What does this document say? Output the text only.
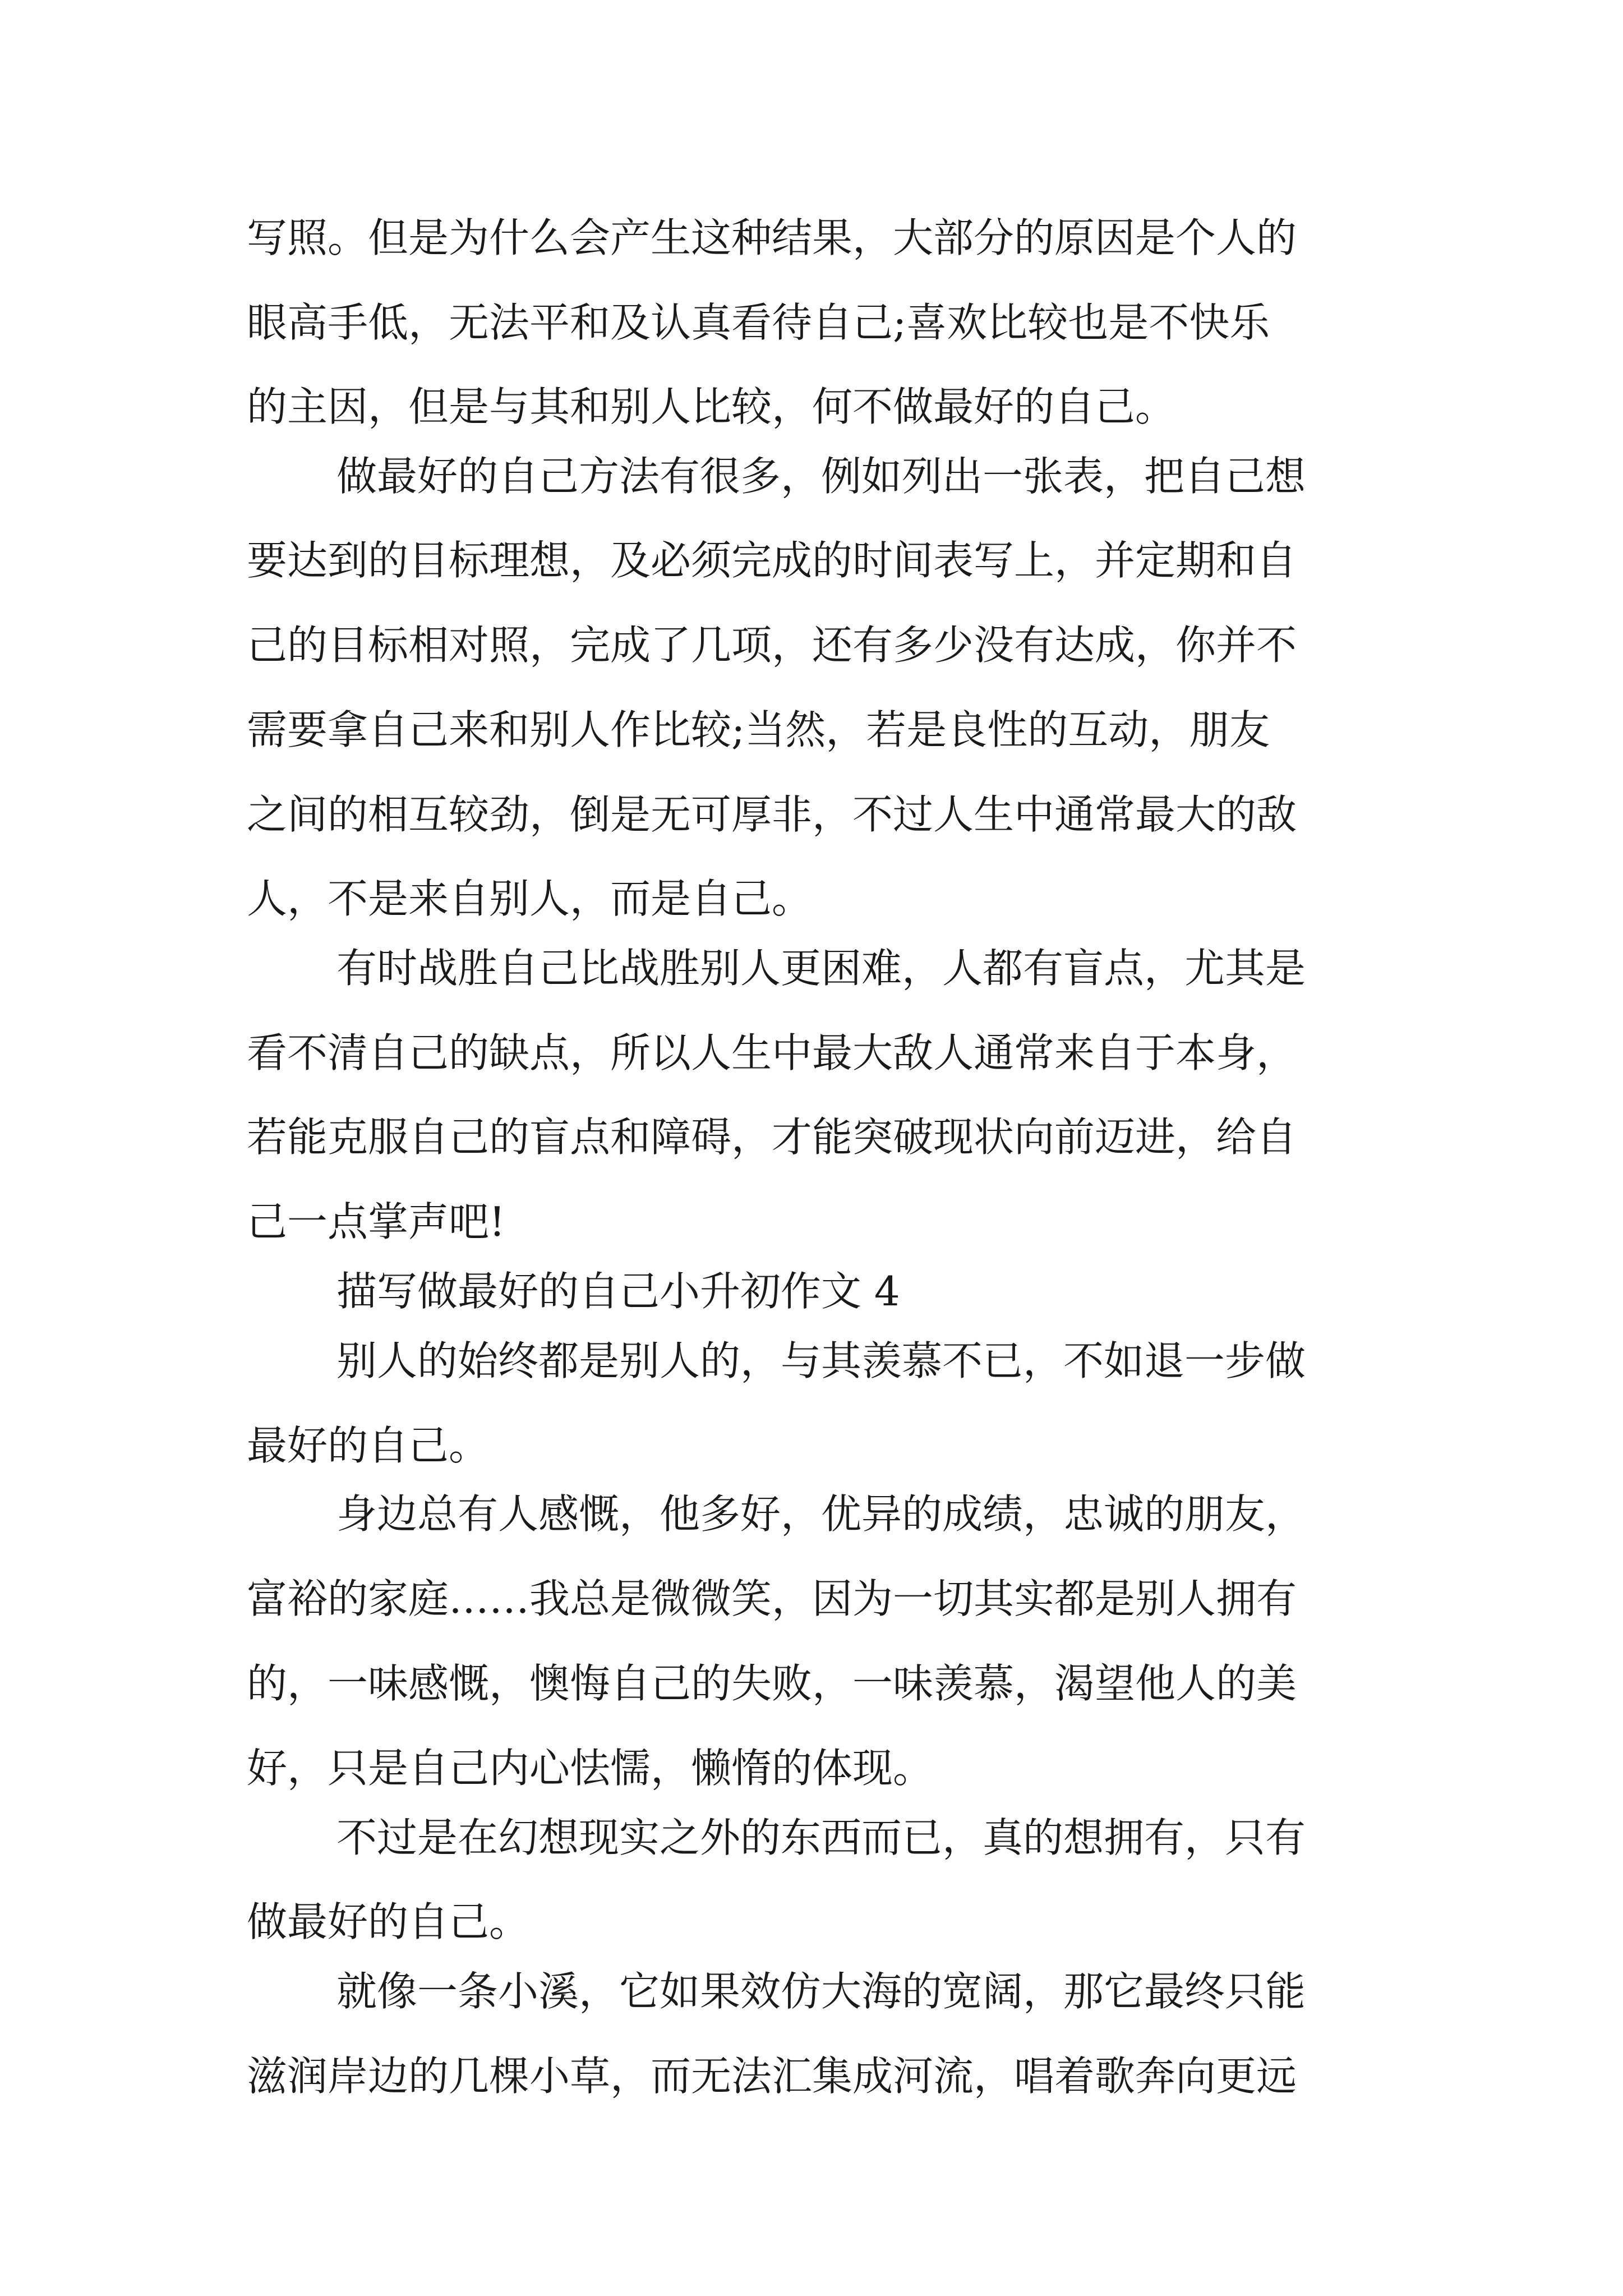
写照。但是为什么会产生这种结果，大部分的原因是个人的
眼高手低，无法平和及认真看待自己;喜欢比较也是不快乐
的主因，但是与其和别人比较，何不做最好的自己。
做最好的自己方法有很多，例如列出一张表，把自己想
要达到的目标理想，及必须完成的时间表写上，并定期和自
己的目标相对照，完成了几项，还有多少没有达成，你并不
需要拿自己来和别人作比较;当然，若是良性的互动，朋友
之间的相互较劲，倒是无可厚非，不过人生中通常最大的敌
人，不是来自别人，而是自己。
有时战胜自己比战胜别人更困难，人都有盲点，尤其是
看不清自己的缺点，所以人生中最大敌人通常来自于本身，
若能克服自己的盲点和障碍，才能突破现状向前迈进，给自
己一点掌声吧!
描写做最好的自己小升初作文 4
别人的始终都是别人的，与其羡慕不已，不如退一步做
最好的自己。
身边总有人感慨，他多好，优异的成绩，忠诚的朋友，
富裕的家庭……我总是微微笑，因为一切其实都是别人拥有
的，一味感慨，懊悔自己的失败，一味羡慕，渴望他人的美
好，只是自己内心怯懦，懒惰的体现。
不过是在幻想现实之外的东西而已，真的想拥有，只有
做最好的自己。
就像一条小溪，它如果效仿大海的宽阔，那它最终只能
滋润岸边的几棵小草，而无法汇集成河流，唱着歌奔向更远
